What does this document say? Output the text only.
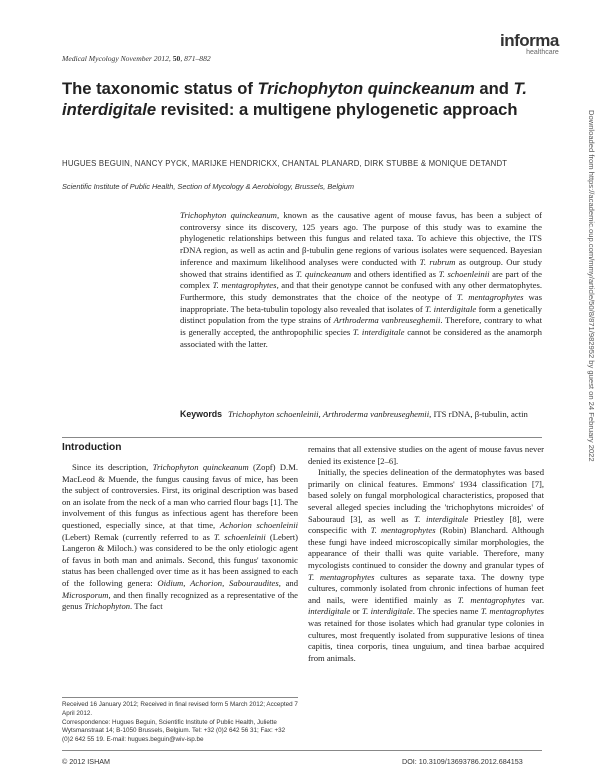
Medical Mycology November 2012, 50, 871–882
informa
healthcare
The taxonomic status of Trichophyton quinckeanum and T. interdigitale revisited: a multigene phylogenetic approach
HUGUES BEGUIN, NANCY PYCK, MARIJKE HENDRICKX, CHANTAL PLANARD, DIRK STUBBE & MONIQUE DETANDT
Scientific Institute of Public Health, Section of Mycology & Aerobiology, Brussels, Belgium
Trichophyton quinckeanum, known as the causative agent of mouse favus, has been a subject of controversy since its discovery, 125 years ago. The purpose of this study was to examine the phylogenetic relationships between this fungus and related taxa. To achieve this objective, the ITS rDNA region, as well as actin and β-tubulin gene regions of various isolates were sequenced. Bayesian inference and maximum likelihood analyses were conducted with T. rubrum as outgroup. Our study showed that strains identified as T. quinckeanum and others identified as T. schoenleinii are part of the complex T. mentagrophytes, and that their genotype cannot be confused with any other dermatophytes. Furthermore, this study demonstrates that the choice of the neotype of T. mentagrophytes was inappropriate. The beta-tubulin topology also revealed that isolates of T. interdigitale form a genetically distinct population from the type strains of Arthroderma vanbreuseghemii. Therefore, contrary to what is generally accepted, the anthropophilic species T. interdigitale cannot be considered as the anamorph associated with the latter.
Keywords Trichophyton schoenleinii, Arthroderma vanbreuseghemii, ITS rDNA, β-tubulin, actin
Introduction

Since its description, Trichophyton quinckeanum (Zopf) D.M. MacLeod & Muende, the fungus causing favus of mice, has been the subject of controversies. First, its original description was based on an isolate from the neck of a man who carried flour bags [1]. The involvement of this fungus as infectious agent has therefore been questioned, especially since, at that time, Achorion schoenleinii (Lebert) Remak (currently referred to as T. schoenleinii (Lebert) Langeron & Miloch.) was considered to be the only etiologic agent of favus in both man and animals. Second, this fungus' taxonomic status has been challenged over time as it has been assigned to each of the following genera: Oidium, Achorion, Sabouraudites, and Microsporum, and then finally recognized as a representative of the genus Trichophyton. The fact

remains that all extensive studies on the agent of mouse favus never denied its existence [2–6].

Initially, the species delineation of the dermatophytes was based primarily on clinical features. Emmons' 1934 classification [7], based solely on fungal morphological characteristics, proposed that several alleged species including the 'trichophytons microides' of Sabouraud [3], as well as T. interdigitale Priestley [8], were conspecific with T. mentagrophytes (Robin) Blanchard. Although these fungi have indeed microscopically similar morphologies, the appearance of their thalli was quite variable. Therefore, many mycologists continued to consider the downy and granular types of T. mentagrophytes cultures as separate taxa. The downy type cultures, commonly isolated from chronic infections of human feet and nails, were identified mainly as T. mentagrophytes var. interdigitale or T. interdigitale. The species name T. mentagrophytes was retained for those isolates which had granular type colonies in cultures, most frequently isolated from suppurative lesions of tinea capitis, tinea corporis, tinea unguium, and tinea barbae acquired from animals.

Received 16 January 2012; Received in final revised form 5 March 2012; Accepted 7 April 2012.
Correspondence: Hugues Beguin, Scientific Institute of Public Health, Juliette Wytsmanstraat 14; B-1050 Brussels, Belgium. Tel: +32 (0)2 642 56 31; Fax: +32 (0)2 642 55 19. E-mail: hugues.beguin@wiv-isp.be
© 2012 ISHAM	DOI: 10.3109/13693786.2012.684153
Downloaded from https://academic.oup.com/mmy/article/50/8/871/982952 by guest on 24 February 2022
